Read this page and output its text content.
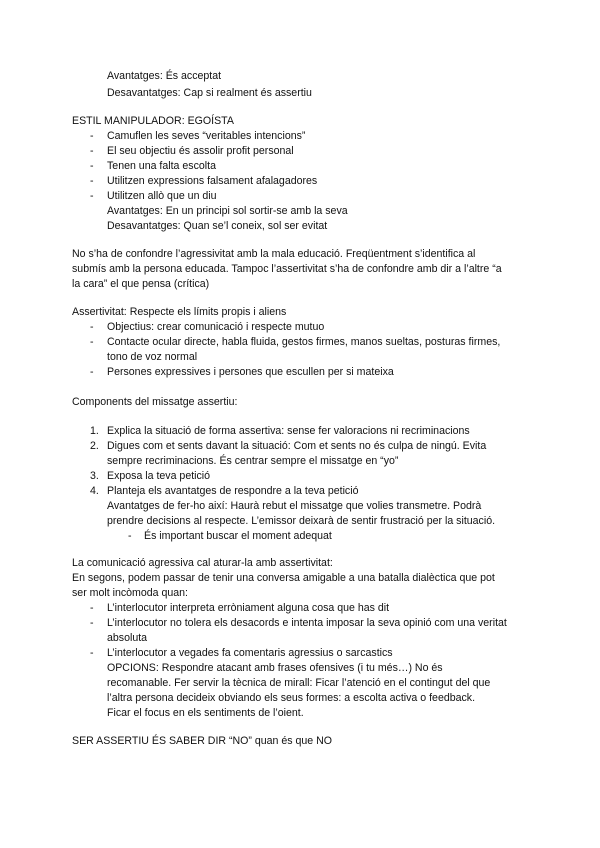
Avantatges: És acceptat
Desavantatges: Cap si realment és assertiu
ESTIL MANIPULADOR: EGOÍSTA
- Camuflen les seves “veritables intencions”
- El seu objectiu és assolir profit personal
- Tenen una falta escolta
- Utilitzen expressions falsament afalagadores
- Utilitzen allò que un diu
Avantatges: En un principi sol sortir-se amb la seva
Desavantatges: Quan se’l coneix, sol ser evitat
No s’ha de confondre l’agressivitat amb la mala educació. Freqüentment s’identifica al
submís amb la persona educada. Tampoc l’assertivitat s’ha de confondre amb dir a l’altre “a
la cara” el que pensa (crítica)
Assertivitat: Respecte els límits propis i aliens
- Objectius: crear comunicació i respecte mutuo
- Contacte ocular directe, habla fluida, gestos firmes, manos sueltas, posturas firmes,
tono de voz normal
- Persones expressives i persones que escullen per si mateixa
Components del missatge assertiu:
1. Explica la situació de forma assertiva: sense fer valoracions ni recriminacions
2. Digues com et sents davant la situació: Com et sents no és culpa de ningú. Evita
sempre recriminacions. És centrar sempre el missatge en “yo”
3. Exposa la teva petició
4. Planteja els avantatges de respondre a la teva petició
Avantatges de fer-ho així: Haurà rebut el missatge que volies transmetre. Podrà
prendre decisions al respecte. L’emissor deixarà de sentir frustració per la situació.
- És important buscar el moment adequat
La comunicació agressiva cal aturar-la amb assertivitat:
En segons, podem passar de tenir una conversa amigable a una batalla dialèctica que pot
ser molt incòmoda quan:
- L’interlocutor interpreta erròniament alguna cosa que has dit
- L’interlocutor no tolera els desacords e intenta imposar la seva opinió com una veritat
absoluta
- L’interlocutor a vegades fa comentaris agressius o sarcastics
OPCIONS: Respondre atacant amb frases ofensives (i tu més…) No és
recomanable. Fer servir la tècnica de mirall: Ficar l’atenció en el contingut del que
l’altra persona decideix obviando els seus formes: a escolta activa o feedback.
Ficar el focus en els sentiments de l’oient.
SER ASSERTIU ÉS SABER DIR “NO” quan és que NO
